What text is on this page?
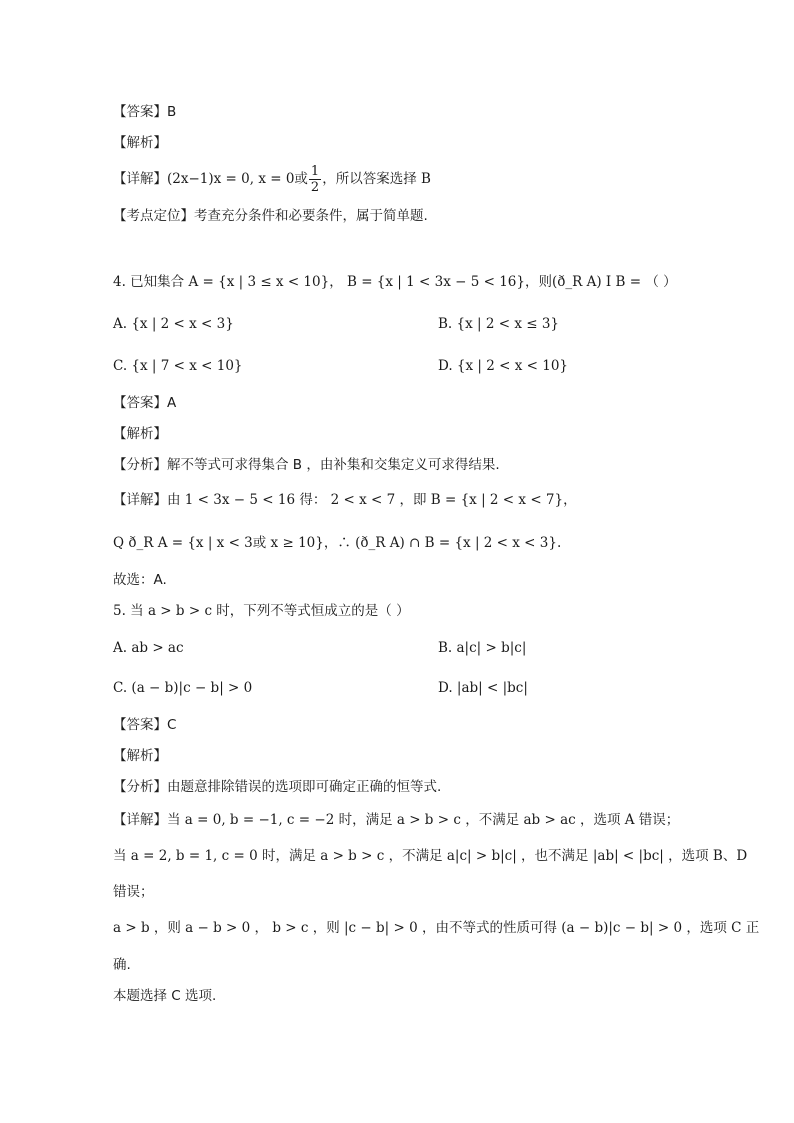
【答案】B
【解析】
【详解】(2x−1)x = 0, x = 0或 $\frac{1}{2}$ ，所以答案选择 B
【考点定位】考查充分条件和必要条件，属于简单题.
4. 已知集合 A = {x | 3 ≤ x < 10}， B = {x | 1 < 3x − 5 < 16}，则(ð_R A) I B = （ ）
A. {x | 2 < x < 3}	B. {x | 2 < x ≤ 3}
C. {x | 7 < x < 10}	D. {x | 2 < x < 10}
【答案】A
【解析】
【分析】解不等式可求得集合 B ，由补集和交集定义可求得结果.
【详解】由 1 < 3x − 5 < 16 得： 2 < x < 7 ，即 B = {x | 2 < x < 7}，
Q ð_R A = {x | x < 3或 x ≥ 10}，∴ (ð_R A) ∩ B = {x | 2 < x < 3}.
故选：A.
5. 当 a > b > c 时，下列不等式恒成立的是（ ）
A. ab > ac	B. a|c| > b|c|
C. (a − b)|c − b| > 0	D. |ab| < |bc|
【答案】C
【解析】
【分析】由题意排除错误的选项即可确定正确的恒等式.
【详解】当 a = 0, b = −1, c = −2 时，满足 a > b > c ，不满足 ab > ac ，选项 A 错误；
当 a = 2, b = 1, c = 0 时，满足 a > b > c ，不满足 a|c| > b|c| ，也不满足 |ab| < |bc| ，选项 B、D
错误；
a > b ，则 a − b > 0 ， b > c ，则 |c − b| > 0 ，由不等式的性质可得 (a − b)|c − b| > 0 ，选项 C 正
确.
本题选择 C 选项.
